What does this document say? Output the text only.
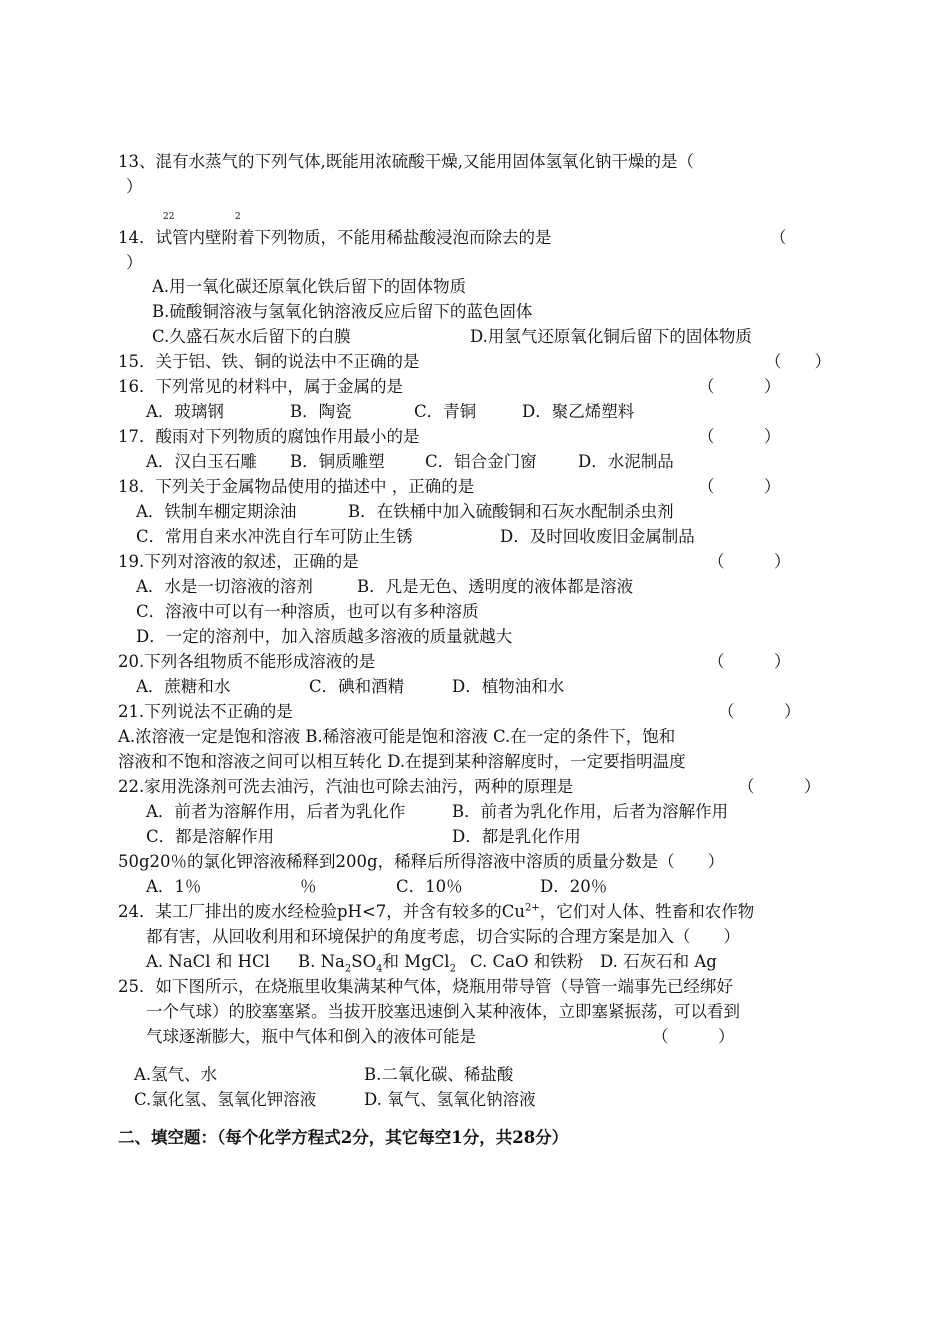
13、混有水蒸气的下列气体,既能用浓硫酸干燥,又能用固体氢氧化钠干燥的是（
）
22	2
14．试管内壁附着下列物质，不能用稀盐酸浸泡而除去的是	（
）
A.用一氧化碳还原氧化铁后留下的固体物质
B.硫酸铜溶液与氢氧化钠溶液反应后留下的蓝色固体
C.久盛石灰水后留下的白膜	D.用氢气还原氧化铜后留下的固体物质
15．关于铝、铁、铜的说法中不正确的是	（　　）
16．下列常见的材料中，属于金属的是	（　　　）
A．玻璃钢	B．陶瓷	C．青铜	D．聚乙烯塑料
17．酸雨对下列物质的腐蚀作用最小的是	（　　　）
A．汉白玉石雕 B．铜质雕塑 C．铝合金门窗	D．水泥制品
18．下列关于金属物品使用的描述中 ，正确的是	（　　　）
A．铁制车棚定期涂油	B．在铁桶中加入硫酸铜和石灰水配制杀虫剂
C．常用自来水冲洗自行车可防止生锈	D．及时回收废旧金属制品
19.下列对溶液的叙述，正确的是	（　　　）
A．水是一切溶液的溶剂	B．凡是无色、透明度的液体都是溶液
C．溶液中可以有一种溶质，也可以有多种溶质
D．一定的溶剂中，加入溶质越多溶液的质量就越大
20.下列各组物质不能形成溶液的是	（　　　）
A．蔗糖和水	C．碘和酒精	D．植物油和水
21.下列说法不正确的是	（　　　）
A.浓溶液一定是饱和溶液 B.稀溶液可能是饱和溶液 C.在一定的条件下，饱和
溶液和不饱和溶液之间可以相互转化 D.在提到某种溶解度时，一定要指明温度
22.家用洗涤剂可洗去油污，汽油也可除去油污，两种的原理是	（　　　）
A．前者为溶解作用，后者为乳化作	B．前者为乳化作用，后者为溶解作用
C．都是溶解作用	D．都是乳化作用
50g20％的氯化钾溶液稀释到200g，稀释后所得溶液中溶质的质量分数是（　　）
A．1％	％	C．10％	D．20％
24．某工厂排出的废水经检验pH<7，并含有较多的$Cu^{2+}$，它们对人体、牲畜和农作物
都有害，从回收利用和环境保护的角度考虑，切合实际的合理方案是加入（　　）
A. NaCl 和 HCl B. $Na_2SO_4$和 MgCl$_2$ C. CaO 和铁粉 D. 石灰石和 Ag
25．如下图所示，在烧瓶里收集满某种气体，烧瓶用带导管（导管一端事先已经绑好
一个气球）的胶塞塞紧。当拔开胶塞迅速倒入某种液体，立即塞紧振荡，可以看到
气球逐渐膨大，瓶中气体和倒入的液体可能是	（　　　）
A.氢气、水	B.二氧化碳、稀盐酸
C.氯化氢、氢氧化钾溶液	D. 氧气、氢氧化钠溶液
二、填空题：（每个化学方程式2分，其它每空1分，共28分）
